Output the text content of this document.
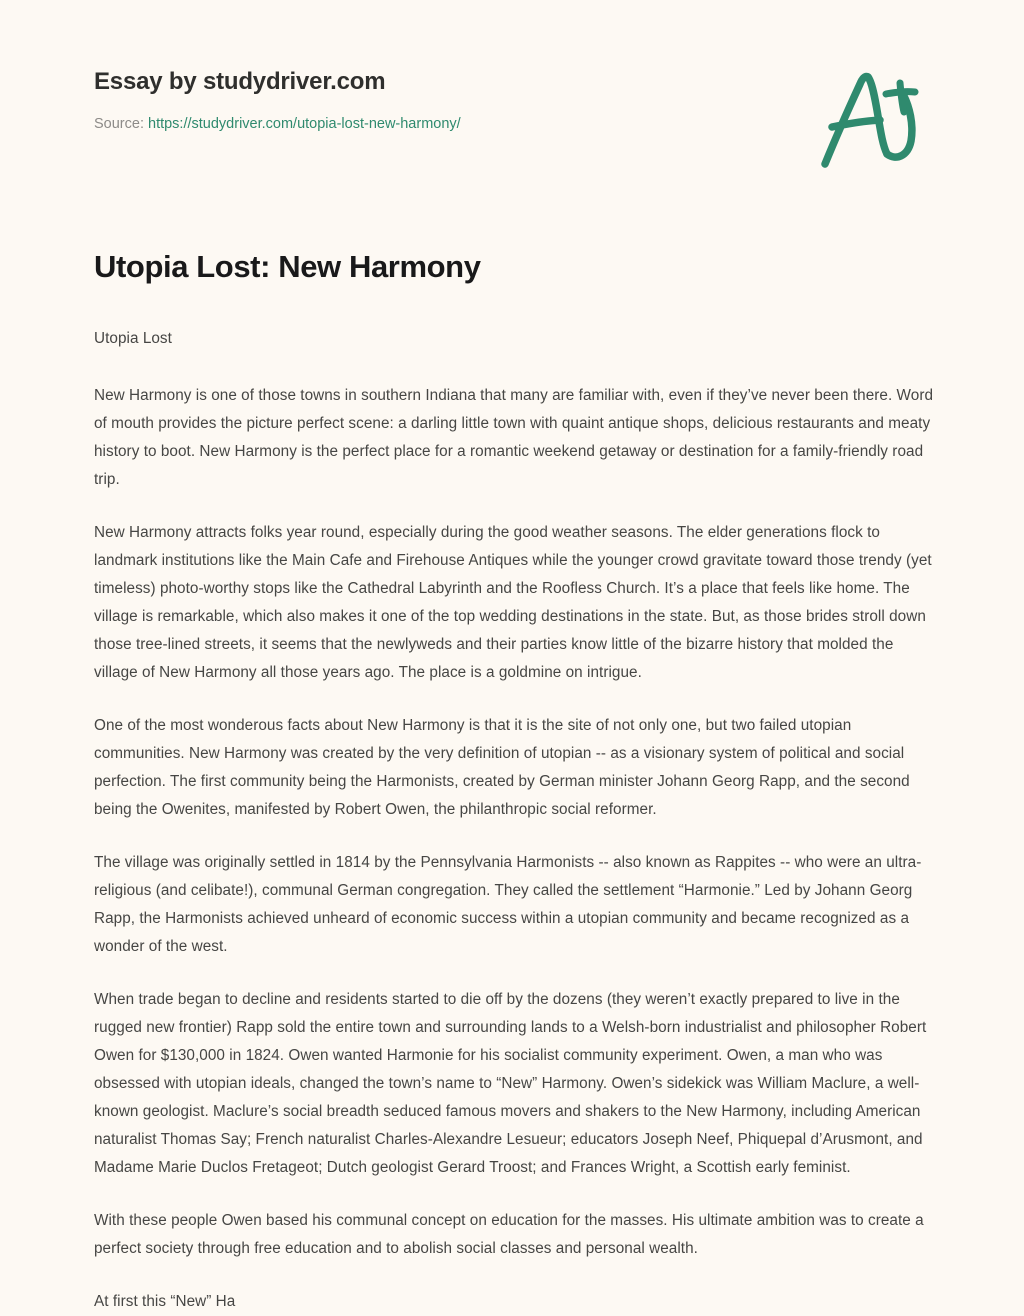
Essay by studydriver.com
Source: https://studydriver.com/utopia-lost-new-harmony/
Utopia Lost: New Harmony

Utopia Lost

New Harmony is one of those towns in southern Indiana that many are familiar with, even if they’ve never been there. Word of mouth provides the picture perfect scene: a darling little town with quaint antique shops, delicious restaurants and meaty history to boot. New Harmony is the perfect place for a romantic weekend getaway or destination for a family-friendly road trip.

New Harmony attracts folks year round, especially during the good weather seasons. The elder generations flock to landmark institutions like the Main Cafe and Firehouse Antiques while the younger crowd gravitate toward those trendy (yet timeless) photo-worthy stops like the Cathedral Labyrinth and the Roofless Church. It’s a place that feels like home. The village is remarkable, which also makes it one of the top wedding destinations in the state. But, as those brides stroll down those tree-lined streets, it seems that the newlyweds and their parties know little of the bizarre history that molded the village of New Harmony all those years ago. The place is a goldmine on intrigue.

One of the most wonderous facts about New Harmony is that it is the site of not only one, but two failed utopian communities. New Harmony was created by the very definition of utopian -- as a visionary system of political and social perfection. The first community being the Harmonists, created by German minister Johann Georg Rapp, and the second being the Owenites, manifested by Robert Owen, the philanthropic social reformer.

The village was originally settled in 1814 by the Pennsylvania Harmonists -- also known as Rappites -- who were an ultra-religious (and celibate!), communal German congregation. They called the settlement “Harmonie.” Led by Johann Georg Rapp, the Harmonists achieved unheard of economic success within a utopian community and became recognized as a wonder of the west.

When trade began to decline and residents started to die off by the dozens (they weren’t exactly prepared to live in the rugged new frontier) Rapp sold the entire town and surrounding lands to a Welsh-born industrialist and philosopher Robert Owen for $130,000 in 1824. Owen wanted Harmonie for his socialist community experiment. Owen, a man who was obsessed with utopian ideals, changed the town’s name to “New” Harmony. Owen’s sidekick was William Maclure, a well-known geologist. Maclure’s social breadth seduced famous movers and shakers to the New Harmony, including American naturalist Thomas Say; French naturalist Charles-Alexandre Lesueur; educators Joseph Neef, Phiquepal d’Arusmont, and Madame Marie Duclos Fretageot; Dutch geologist Gerard Troost; and Frances Wright, a Scottish early feminist.

With these people Owen based his communal concept on education for the masses. His ultimate ambition was to create a perfect society through free education and to abolish social classes and personal wealth.

At first this “New” Ha
